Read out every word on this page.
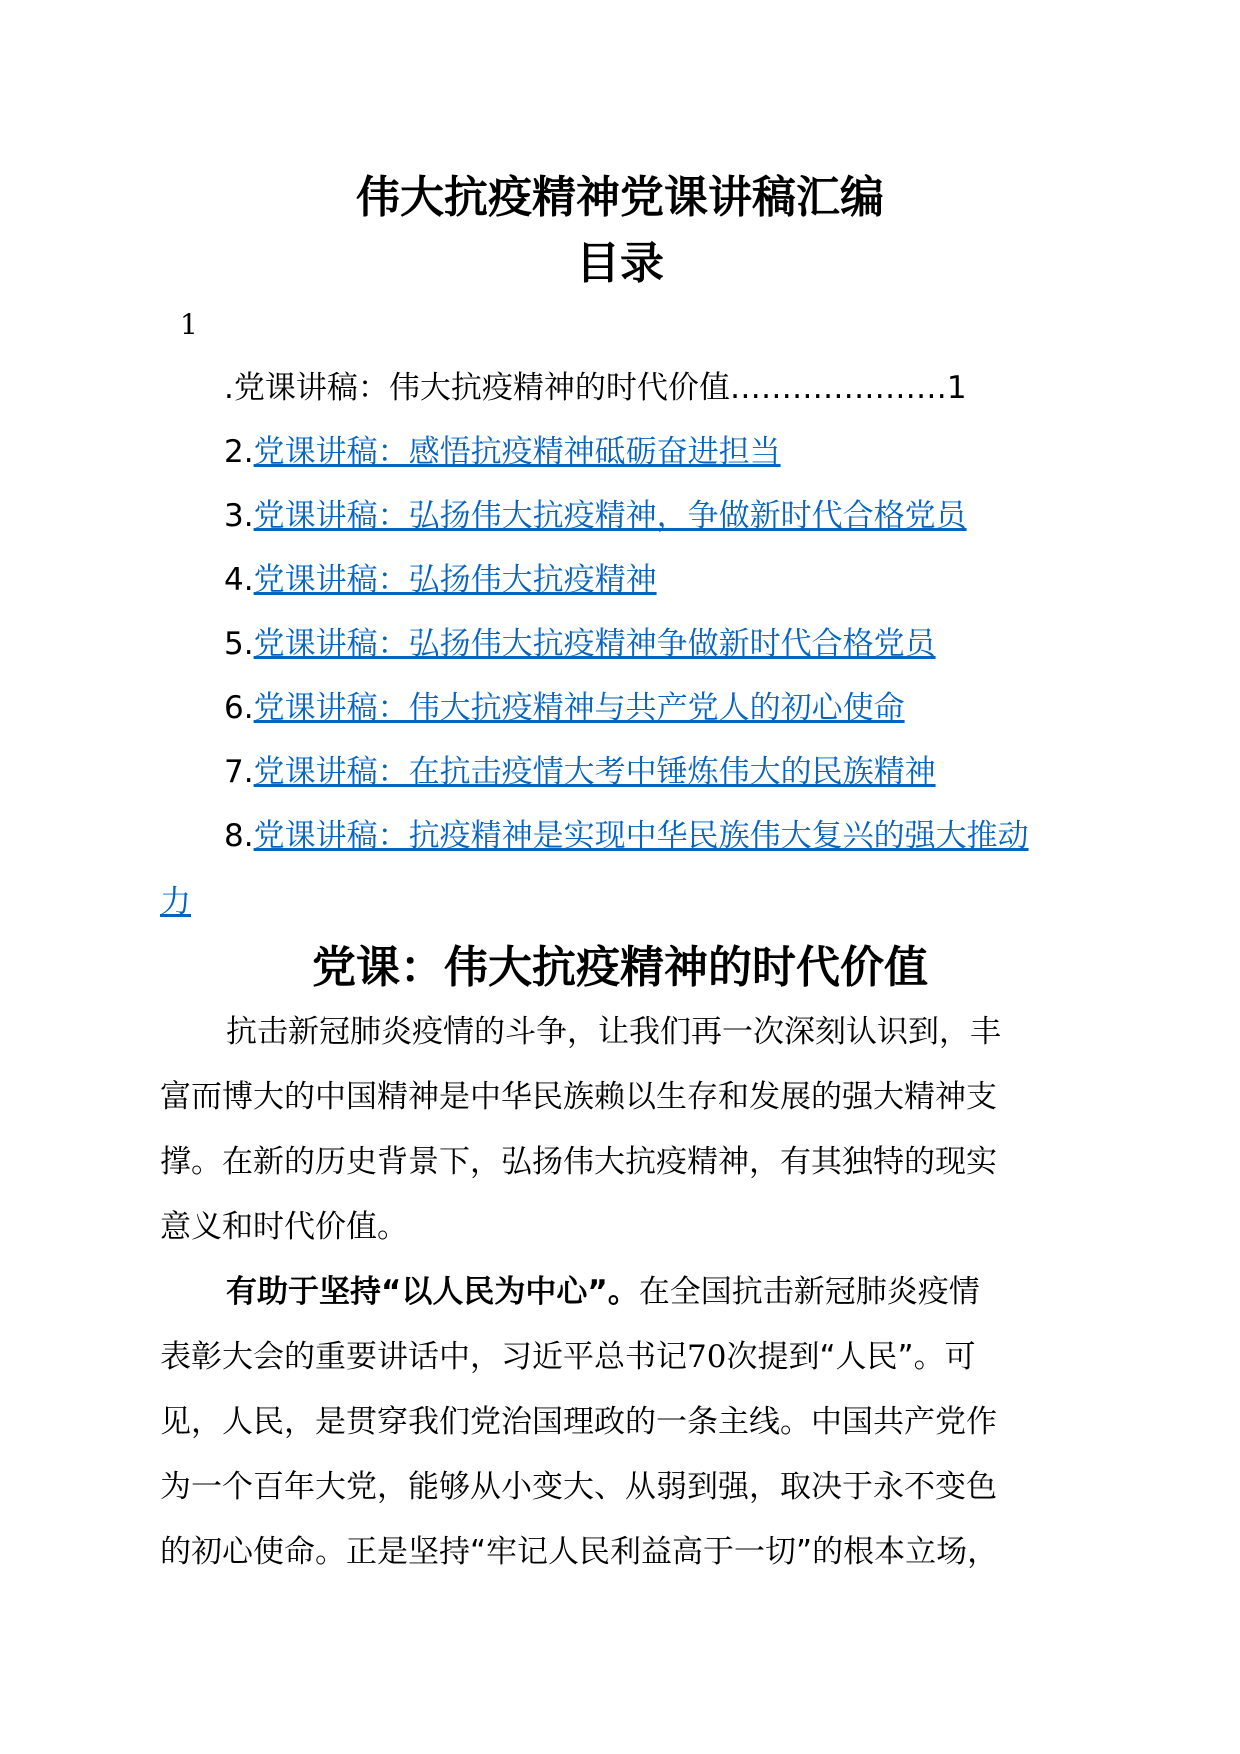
伟大抗疫精神党课讲稿汇编
目录
1
.党课讲稿：伟大抗疫精神的时代价值…………………1
2.党课讲稿：感悟抗疫精神砥砺奋进担当
3.党课讲稿：弘扬伟大抗疫精神，争做新时代合格党员
4.党课讲稿：弘扬伟大抗疫精神
5.党课讲稿：弘扬伟大抗疫精神争做新时代合格党员
6.党课讲稿：伟大抗疫精神与共产党人的初心使命
7.党课讲稿：在抗击疫情大考中锤炼伟大的民族精神
8.党课讲稿：抗疫精神是实现中华民族伟大复兴的强大推动
力
党课：伟大抗疫精神的时代价值
抗击新冠肺炎疫情的斗争，让我们再一次深刻认识到，丰
富而博大的中国精神是中华民族赖以生存和发展的强大精神支
撑。在新的历史背景下，弘扬伟大抗疫精神，有其独特的现实
意义和时代价值。
有助于坚持“以人民为中心”。在全国抗击新冠肺炎疫情
表彰大会的重要讲话中，习近平总书记70次提到“人民”。可
见，人民，是贯穿我们党治国理政的一条主线。中国共产党作
为一个百年大党，能够从小变大、从弱到强，取决于永不变色
的初心使命。正是坚持“牢记人民利益高于一切”的根本立场，
